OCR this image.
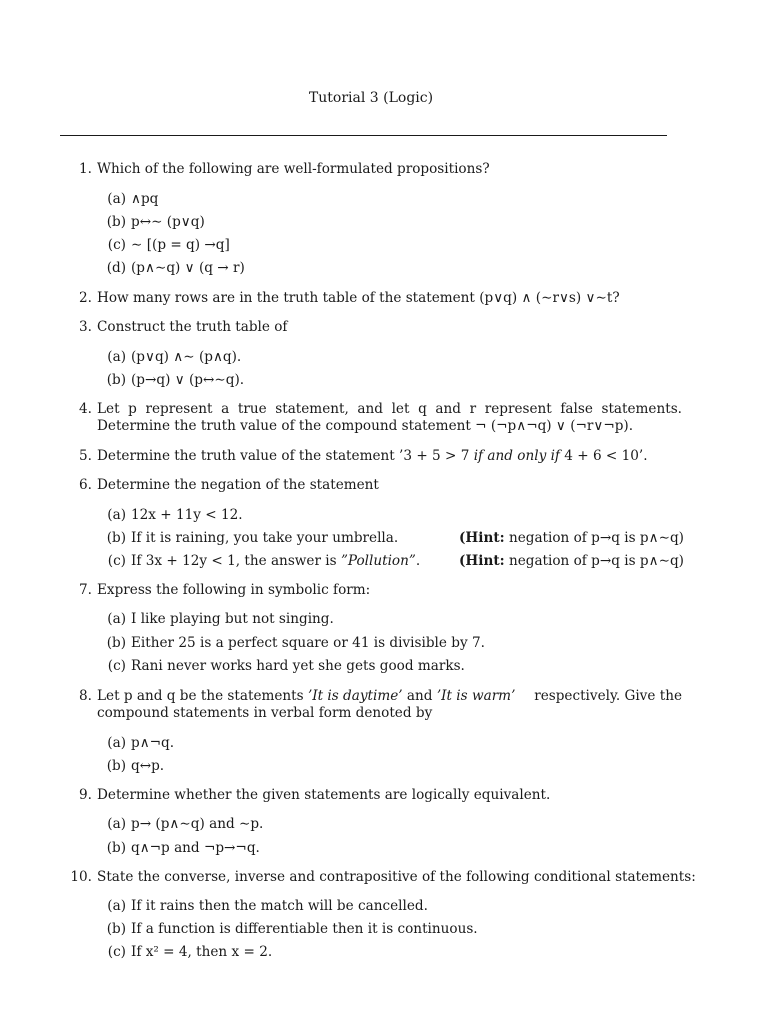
Tutorial 3 (Logic)
1. Which of the following are well-formulated propositions?
(a) ∧pq
(b) p↔∼ (p∨q)
(c) ∼ [(p = q) →q]
(d) (p∧∼q) ∨ (q → r)
2. How many rows are in the truth table of the statement (p∨q) ∧ (∼r∨s) ∨∼t?
3. Construct the truth table of
(a) (p∨q) ∧∼ (p∧q).
(b) (p→q) ∨ (p↔∼q).
4. Let p represent a true statement, and let q and r represent false statements. Determine the truth value of the compound statement ¬ (¬p∧¬q) ∨ (¬r∨¬p).
5. Determine the truth value of the statement ’3 + 5 > 7 if and only if 4 + 6 < 10’.
6. Determine the negation of the statement
(a) 12x + 11y < 12.
(b) If it is raining, you take your umbrella.	(Hint: negation of p→q is p∧∼q)
(c) If 3x + 12y < 1, the answer is ”Pollution”.	(Hint: negation of p→q is p∧∼q)
7. Express the following in symbolic form:
(a) I like playing but not singing.
(b) Either 25 is a perfect square or 41 is divisible by 7.
(c) Rani never works hard yet she gets good marks.
8. Let p and q be the statements ’It is daytime’ and ’It is warm’ respectively. Give the
compound statements in verbal form denoted by
(a) p∧¬q.
(b) q↔p.
9. Determine whether the given statements are logically equivalent.
(a) p→ (p∧∼q) and ∼p.
(b) q∧¬p and ¬p→¬q.
10. State the converse, inverse and contrapositive of the following conditional statements:
(a) If it rains then the match will be cancelled.
(b) If a function is differentiable then it is continuous.
(c) If x² = 4, then x = 2.
